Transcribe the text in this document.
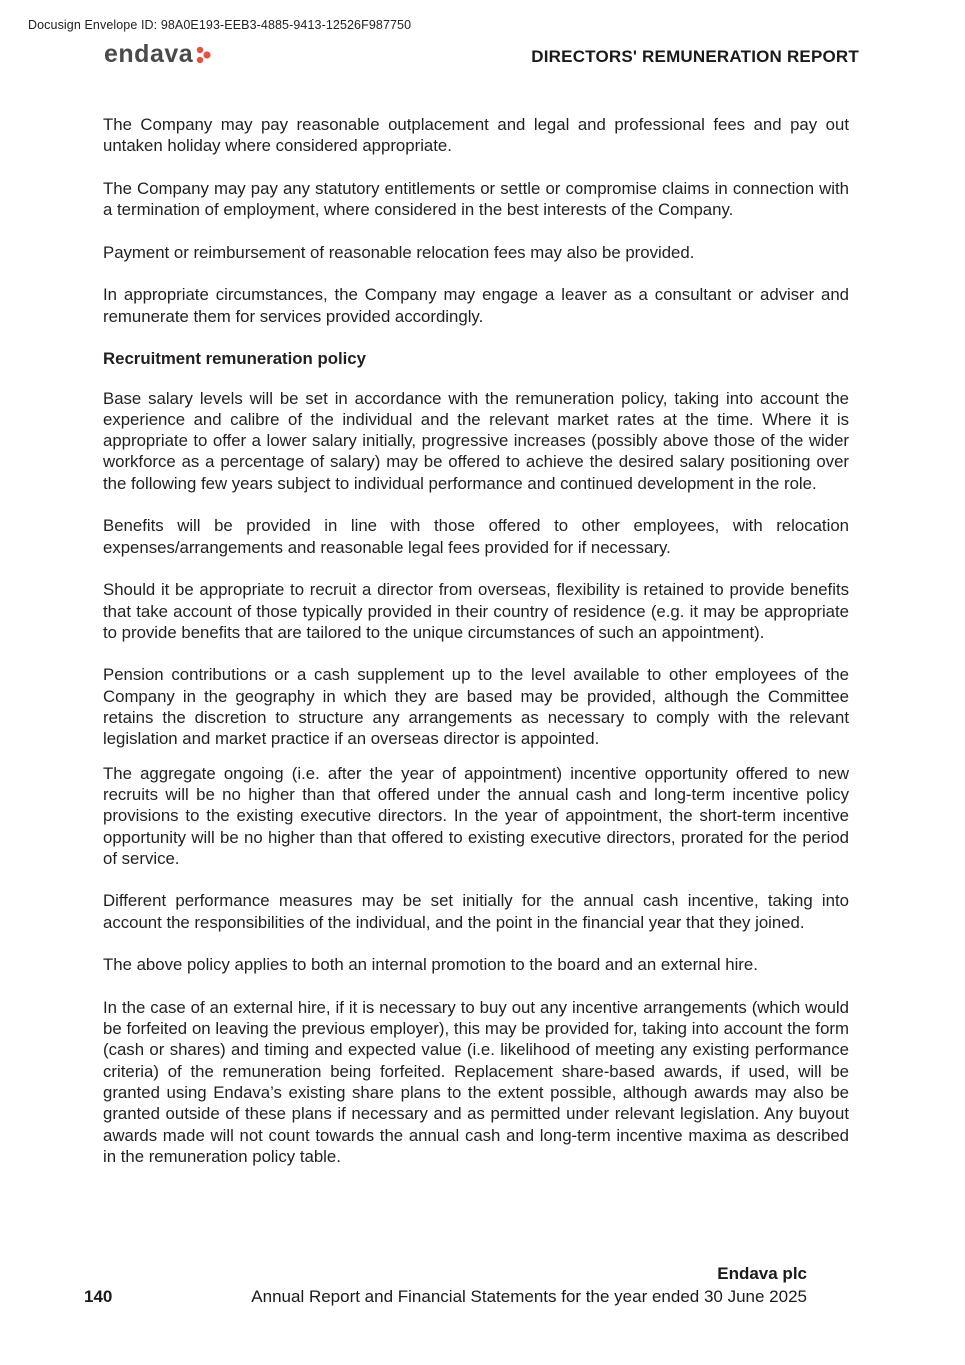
Docusign Envelope ID: 98A0E193-EEB3-4885-9413-12526F987750
endava	DIRECTORS' REMUNERATION REPORT

The Company may pay reasonable outplacement and legal and professional fees and pay out untaken holiday where considered appropriate.

The Company may pay any statutory entitlements or settle or compromise claims in connection with a termination of employment, where considered in the best interests of the Company.

Payment or reimbursement of reasonable relocation fees may also be provided.

In appropriate circumstances, the Company may engage a leaver as a consultant or adviser and remunerate them for services provided accordingly.

Recruitment remuneration policy

Base salary levels will be set in accordance with the remuneration policy, taking into account the experience and calibre of the individual and the relevant market rates at the time. Where it is appropriate to offer a lower salary initially, progressive increases (possibly above those of the wider workforce as a percentage of salary) may be offered to achieve the desired salary positioning over the following few years subject to individual performance and continued development in the role.

Benefits will be provided in line with those offered to other employees, with relocation expenses/arrangements and reasonable legal fees provided for if necessary.

Should it be appropriate to recruit a director from overseas, flexibility is retained to provide benefits that take account of those typically provided in their country of residence (e.g. it may be appropriate to provide benefits that are tailored to the unique circumstances of such an appointment).

Pension contributions or a cash supplement up to the level available to other employees of the Company in the geography in which they are based may be provided, although the Committee retains the discretion to structure any arrangements as necessary to comply with the relevant legislation and market practice if an overseas director is appointed.

The aggregate ongoing (i.e. after the year of appointment) incentive opportunity offered to new recruits will be no higher than that offered under the annual cash and long-term incentive policy provisions to the existing executive directors. In the year of appointment, the short-term incentive opportunity will be no higher than that offered to existing executive directors, prorated for the period of service.

Different performance measures may be set initially for the annual cash incentive, taking into account the responsibilities of the individual, and the point in the financial year that they joined.

The above policy applies to both an internal promotion to the board and an external hire.

In the case of an external hire, if it is necessary to buy out any incentive arrangements (which would be forfeited on leaving the previous employer), this may be provided for, taking into account the form (cash or shares) and timing and expected value (i.e. likelihood of meeting any existing performance criteria) of the remuneration being forfeited. Replacement share-based awards, if used, will be granted using Endava’s existing share plans to the extent possible, although awards may also be granted outside of these plans if necessary and as permitted under relevant legislation. Any buyout awards made will not count towards the annual cash and long-term incentive maxima as described in the remuneration policy table.

Endava plc
140	Annual Report and Financial Statements for the year ended 30 June 2025
